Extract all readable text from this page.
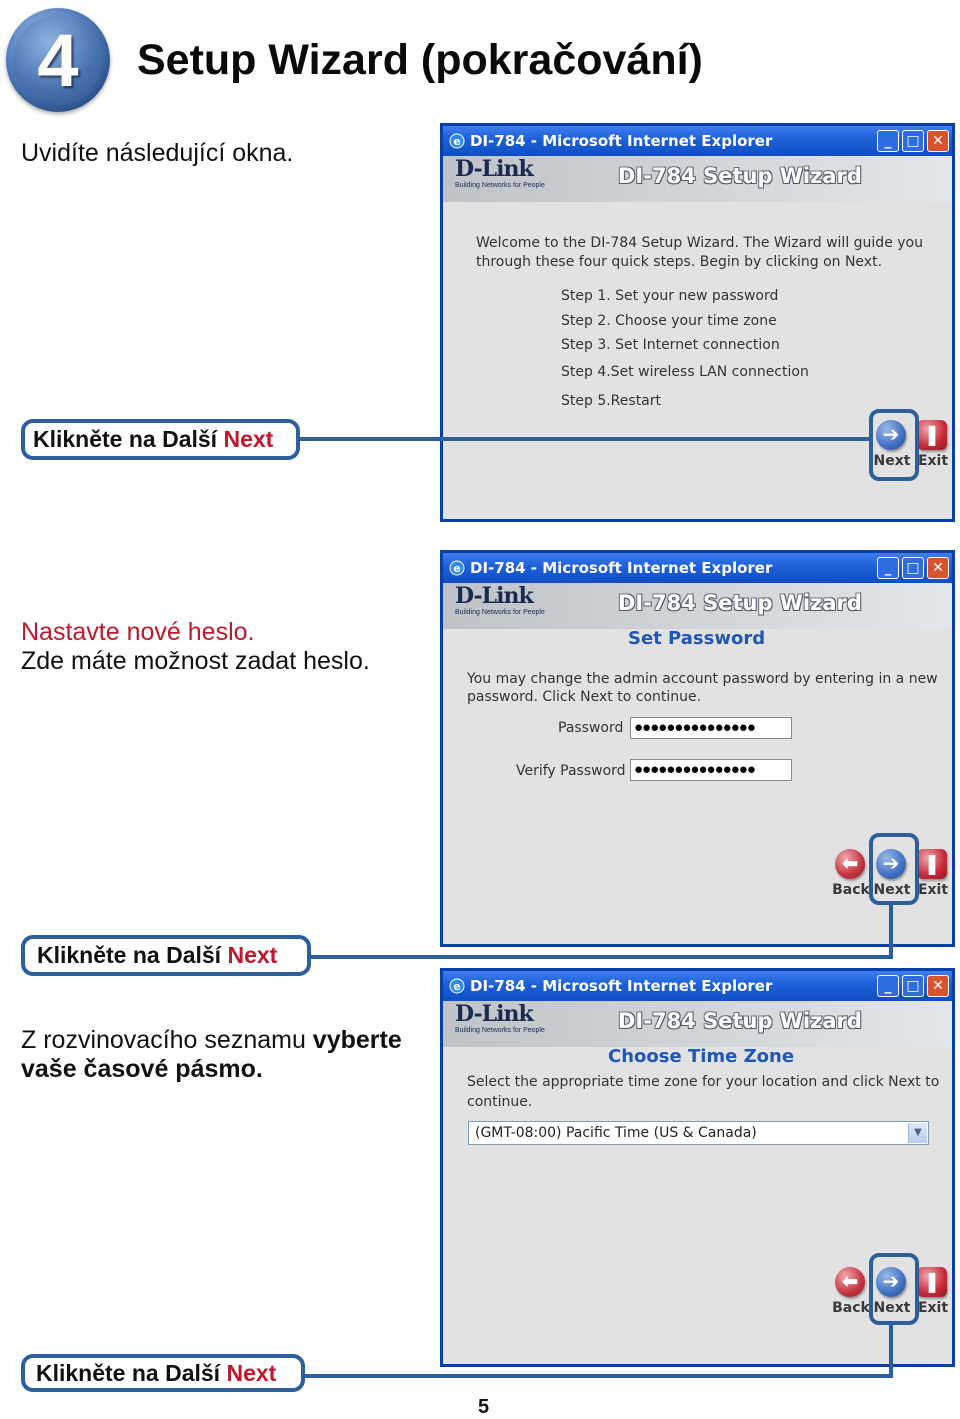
4	Setup Wizard (pokračování)
Uvidíte následující okna.	e DI-784 - Microsoft Internet Explorer	_	□ ✕
D-Link
Building Networks for People	DI-784 Setup Wizard
Welcome to the DI-784 Setup Wizard. The Wizard will guide you
through these four quick steps. Begin by clicking on Next.
Step 1. Set your new password
Step 2. Choose your time zone
Step 3. Set Internet connection
Step 4.Set wireless LAN connection
Step 5.Restart
➔
Next
❚
Exit
Klikněte na Další Next
Nastavte nové heslo.
Zde máte možnost zadat heslo.
e DI-784 - Microsoft Internet Explorer	_	□ ✕
D-Link
Building Networks for People	DI-784 Setup Wizard
Set Password
You may change the admin account password by entering in a new
password. Click Next to continue.
Password ●●●●●●●●●●●●●●●
Verify Password ●●●●●●●●●●●●●●●
⬅
Back
➔
Next
❚
Exit
Klikněte na Další Next
Z rozvinovacího seznamu vyberte
vaše časové pásmo.
e DI-784 - Microsoft Internet Explorer	_	□ ✕
D-Link
Building Networks for People	DI-784 Setup Wizard
Choose Time Zone
Select the appropriate time zone for your location and click Next to
continue.
(GMT-08:00) Pacific Time (US & Canada)	▼
⬅
Back
➔
Next
❚
Exit
Klikněte na Další Next
5
